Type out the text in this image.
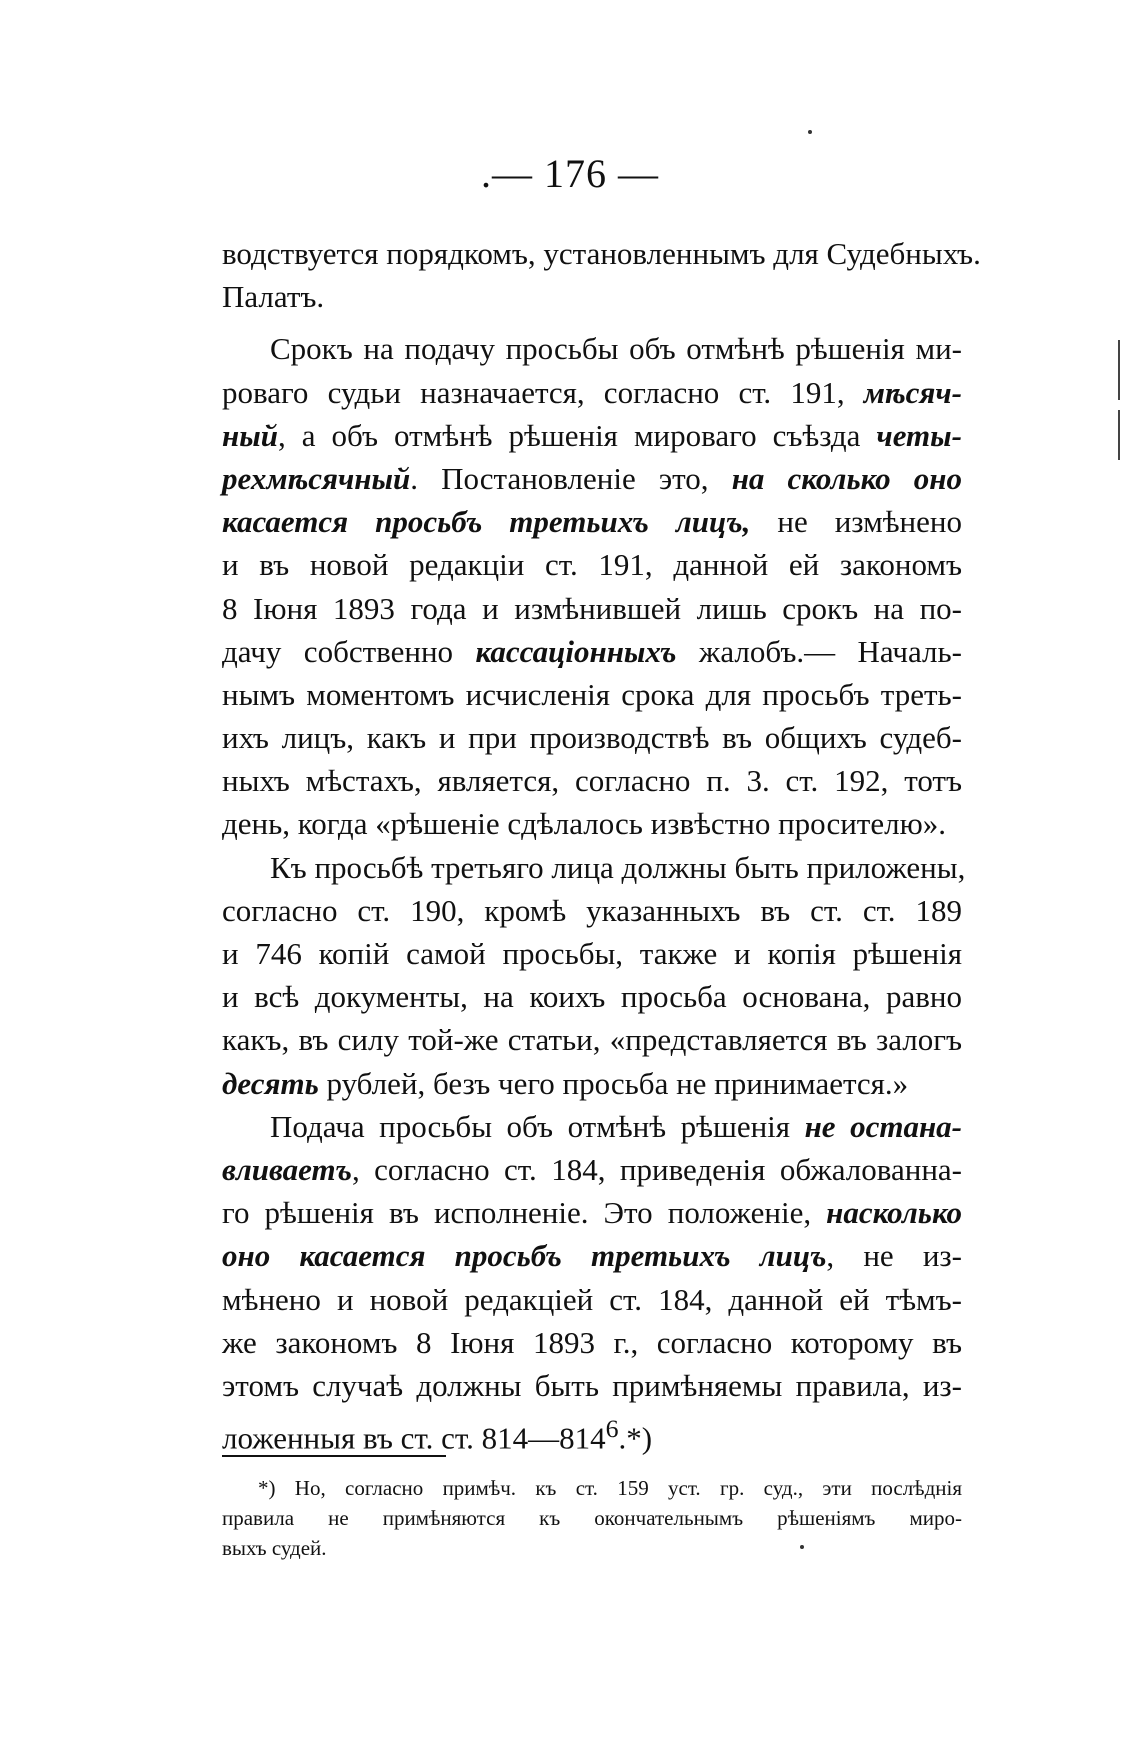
.— 176 —
водствуется порядкомъ, установленнымъ для Судебныхъ.
Палатъ.
Срокъ на подачу просьбы объ отмѣнѣ рѣшенія ми-
роваго судьи назначается, согласно ст. 191, мѣсяч-
ный, а объ отмѣнѣ рѣшенія мироваго съѣзда четы-
рехмѣсячный. Постановленіе это, на сколько оно
касается просьбъ третьихъ лицъ, не измѣнено
и въ новой редакціи ст. 191, данной ей закономъ
8 Іюня 1893 года и измѣнившей лишь срокъ на по-
дачу собственно кассаціонныхъ жалобъ.— Началь-
нымъ моментомъ исчисленія срока для просьбъ треть-
ихъ лицъ, какъ и при производствѣ въ общихъ судеб-
ныхъ мѣстахъ, является, согласно п. 3. ст. 192, тотъ
день, когда «рѣшеніе сдѣлалось извѣстно просителю».
Къ просьбѣ третьяго лица должны быть приложены,
согласно ст. 190, кромѣ указанныхъ въ ст. ст. 189
и 746 копій самой просьбы, также и копія рѣшенія
и всѣ документы, на коихъ просьба основана, равно
какъ, въ силу той-же статьи, «представляется въ залогъ
десять рублей, безъ чего просьба не принимается.»
Подача просьбы объ отмѣнѣ рѣшенія не остана-
вливаетъ, согласно ст. 184, приведенія обжалованна-
го рѣшенія въ исполненіе. Это положеніе, насколько
оно касается просьбъ третьихъ лицъ, не из-
мѣнено и новой редакціей ст. 184, данной ей тѣмъ-
же закономъ 8 Іюня 1893 г., согласно которому въ
этомъ случаѣ должны быть примѣняемы правила, из-
ложенныя въ ст. ст. $814—814^6.*$)
*) Но, согласно примѣч. къ ст. 159 уст. гр. суд., эти послѣднія
правила не примѣняются къ окончательнымъ рѣшеніямъ миро-
выхъ судей.
